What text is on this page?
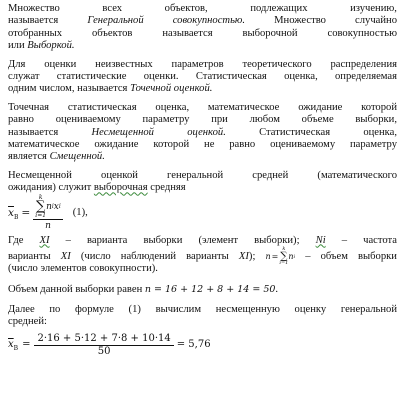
Множество	всех	объектов,	подлежащих	изучению,
называется	Генеральной	совокупностью.	Множество	случайно
отобранных объектов называется выборочной совокупностью
или Выборкой.
Для оценки неизвестных параметров теоретического распределения
служат статистические оценки. Статистическая оценка, определяемая
одним числом, называется Точечной оценкой.
Точечная статистическая оценка, математическое ожидание которой
равно оцениваемому параметру при любом объеме выборки,
называется	Несмещенной	оценкой.	Статистическая	оценка,
математическое ожидание которой не равно оцениваемому параметру
является Смещенной.
Несмещенной оценкой генеральной средней (математического
ожидания) служит выборочная средняя
$\overline{x}_В = k$
∑
i=1
n i x i
n (1),
Где XI – варианта выборки (элемент выборки); Ni – частота
варианты XI (число наблюдений варианты XI); n =
k
∑
i=1
n i – объем выборки
(число элементов совокупности).
Объем данной выборки равен n = 16 + 12 + 8 + 14 = 50.
Далее по формуле (1) вычислим несмещенную оценку генеральной
средней:
$\overline{x}_В = \frac{2\cdot 16 + 5\cdot 12 + 7\cdot 8 + 10\cdot 14}{50} = 5,76$
